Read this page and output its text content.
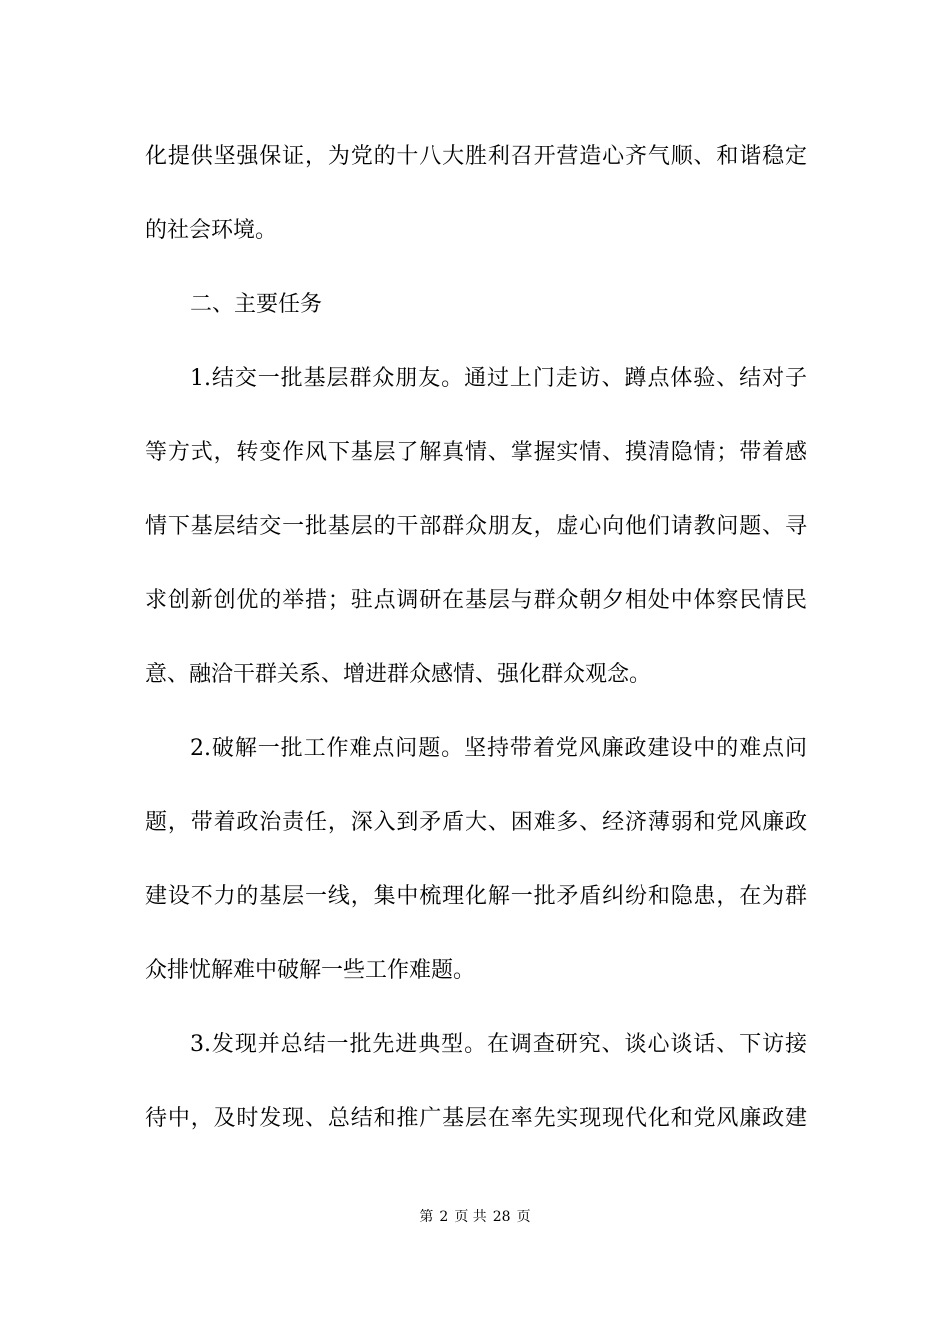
化提供坚强保证，为党的十八大胜利召开营造心齐气顺、和谐稳定
的社会环境。
二、主要任务
1.结交一批基层群众朋友。通过上门走访、蹲点体验、结对子
等方式，转变作风下基层了解真情、掌握实情、摸清隐情；带着感
情下基层结交一批基层的干部群众朋友，虚心向他们请教问题、寻
求创新创优的举措；驻点调研在基层与群众朝夕相处中体察民情民
意、融洽干群关系、增进群众感情、强化群众观念。
2.破解一批工作难点问题。坚持带着党风廉政建设中的难点问
题，带着政治责任，深入到矛盾大、困难多、经济薄弱和党风廉政
建设不力的基层一线，集中梳理化解一批矛盾纠纷和隐患，在为群
众排忧解难中破解一些工作难题。
3.发现并总结一批先进典型。在调查研究、谈心谈话、下访接
待中，及时发现、总结和推广基层在率先实现现代化和党风廉政建
第 2 页 共 28 页
